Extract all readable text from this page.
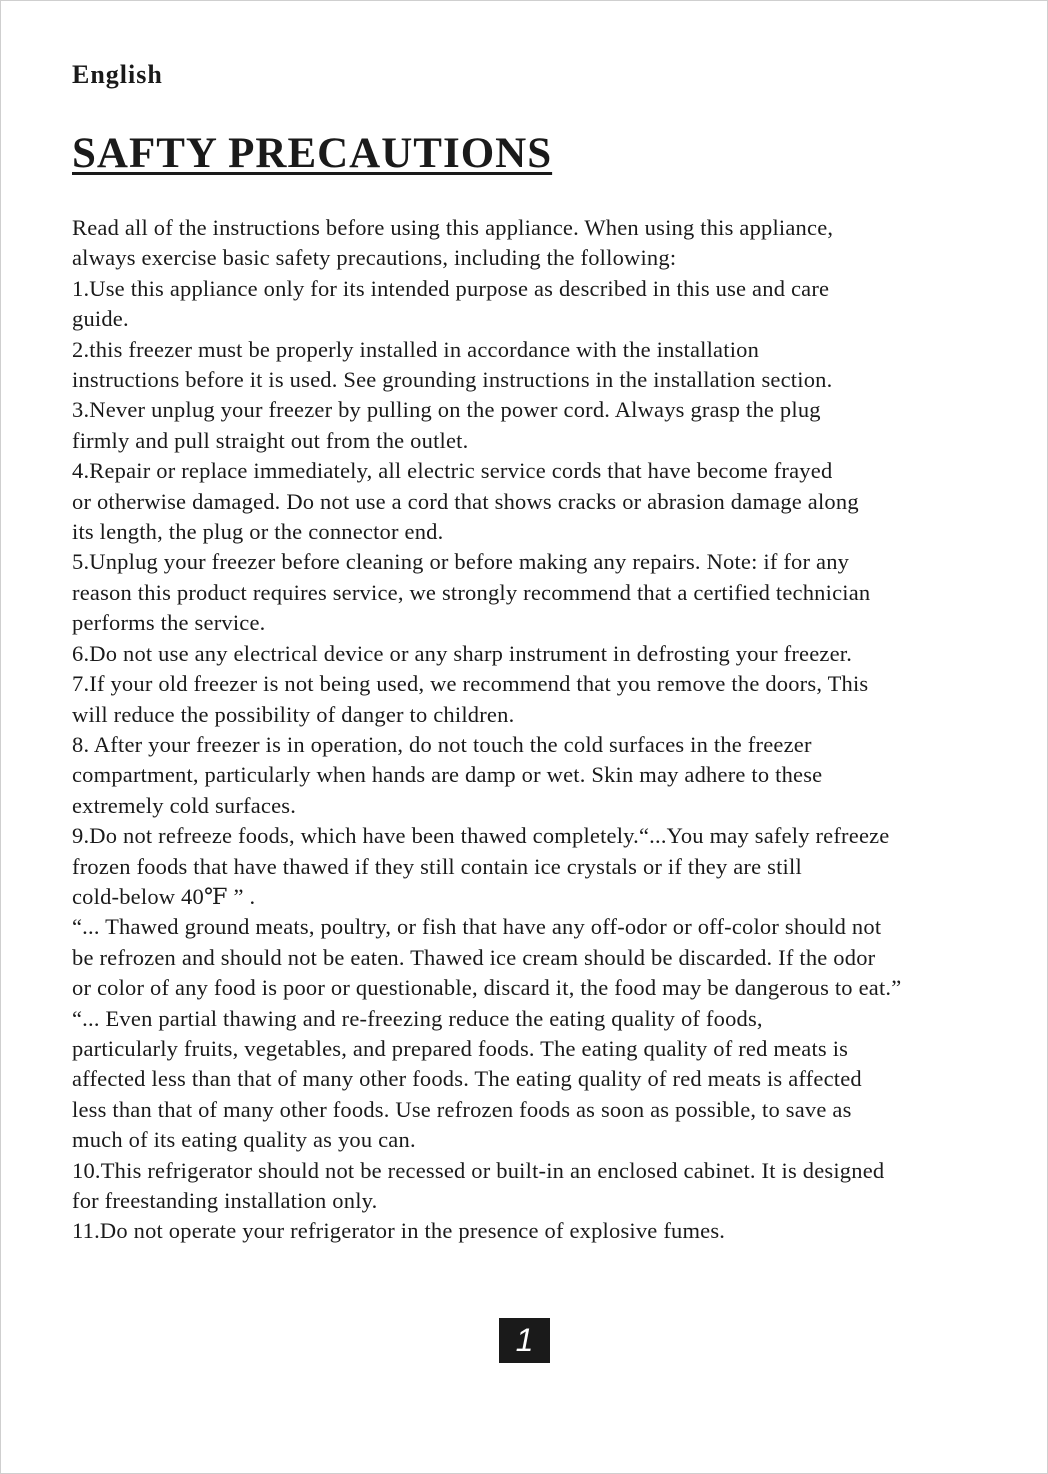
English
SAFTY PRECAUTIONS
Read all of the instructions before using this appliance. When using this appliance,
always exercise basic safety precautions, including the following:
1.Use this appliance only for its intended purpose as described in this use and care
guide.
2.this freezer must be properly installed in accordance with the installation
instructions before it is used. See grounding instructions in the installation section.
3.Never unplug your freezer by pulling on the power cord. Always grasp the plug
firmly and pull straight out from the outlet.
4.Repair or replace immediately, all electric service cords that have become frayed
or otherwise damaged. Do not use a cord that shows cracks or abrasion damage along
its length, the plug or the connector end.
5.Unplug your freezer before cleaning or before making any repairs. Note: if for any
reason this product requires service, we strongly recommend that a certified technician
performs the service.
6.Do not use any electrical device or any sharp instrument in defrosting your freezer.
7.If your old freezer is not being used, we recommend that you remove the doors, This
will reduce the possibility of danger to children.
8. After your freezer is in operation, do not touch the cold surfaces in the freezer
compartment, particularly when hands are damp or wet. Skin may adhere to these
extremely cold surfaces.
9.Do not refreeze foods, which have been thawed completely.“...You may safely refreeze
frozen foods that have thawed if they still contain ice crystals or if they are still
cold-below 40℉ ” .
“... Thawed ground meats, poultry, or fish that have any off-odor or off-color should not
be refrozen and should not be eaten. Thawed ice cream should be discarded. If the odor
or color of any food is poor or questionable, discard it, the food may be dangerous to eat.”
“... Even partial thawing and re-freezing reduce the eating quality of foods,
particularly fruits, vegetables, and prepared foods. The eating quality of red meats is
affected less than that of many other foods. The eating quality of red meats is affected
less than that of many other foods. Use refrozen foods as soon as possible, to save as
much of its eating quality as you can.
10.This refrigerator should not be recessed or built-in an enclosed cabinet. It is designed
for freestanding installation only.
11.Do not operate your refrigerator in the presence of explosive fumes.
1
